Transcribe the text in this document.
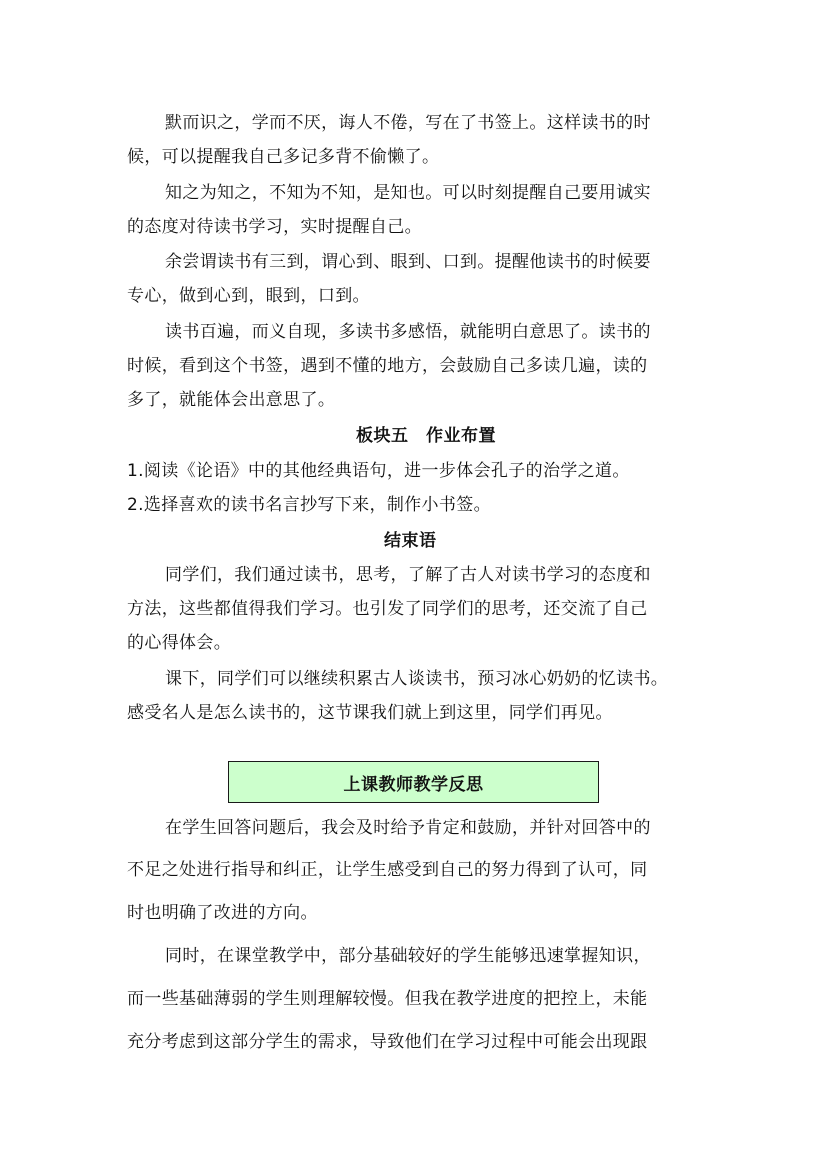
默而识之，学而不厌，诲人不倦，写在了书签上。这样读书的时
候，可以提醒我自己多记多背不偷懒了。
知之为知之，不知为不知，是知也。可以时刻提醒自己要用诚实
的态度对待读书学习，实时提醒自己。
余尝谓读书有三到，谓心到、眼到、口到。提醒他读书的时候要
专心，做到心到，眼到，口到。
读书百遍，而义自现，多读书多感悟，就能明白意思了。读书的
时候，看到这个书签，遇到不懂的地方，会鼓励自己多读几遍，读的
多了，就能体会出意思了。
板块五　作业布置
1.阅读《论语》中的其他经典语句，进一步体会孔子的治学之道。
2.选择喜欢的读书名言抄写下来，制作小书签。
结束语
同学们，我们通过读书，思考，了解了古人对读书学习的态度和
方法，这些都值得我们学习。也引发了同学们的思考，还交流了自己
的心得体会。
课下，同学们可以继续积累古人谈读书，预习冰心奶奶的忆读书。
感受名人是怎么读书的，这节课我们就上到这里，同学们再见。
上课教师教学反思
在学生回答问题后，我会及时给予肯定和鼓励，并针对回答中的
不足之处进行指导和纠正，让学生感受到自己的努力得到了认可，同
时也明确了改进的方向。
同时，在课堂教学中，部分基础较好的学生能够迅速掌握知识，
而一些基础薄弱的学生则理解较慢。但我在教学进度的把控上，未能
充分考虑到这部分学生的需求，导致他们在学习过程中可能会出现跟
